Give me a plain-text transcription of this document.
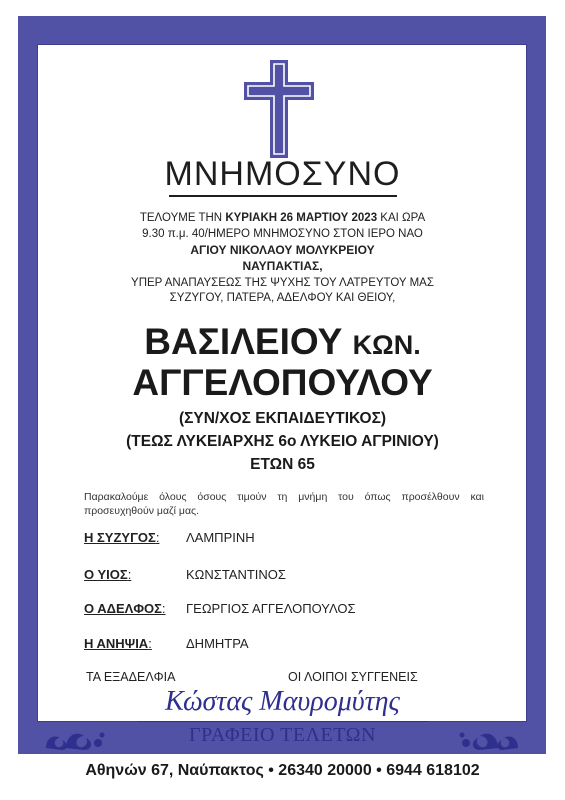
ΜΝΗΜΟΣΥΝΟ
ΤΕΛΟΥΜΕ ΤΗΝ ΚΥΡΙΑΚΗ 26 ΜΑΡΤΙΟΥ 2023 ΚΑΙ ΩΡΑ
9.30 π.μ. 40/ΗΜΕΡΟ ΜΝΗΜΟΣΥΝΟ ΣΤΟΝ ΙΕΡΟ ΝΑΟ
ΑΓΙΟΥ ΝΙΚΟΛΑΟΥ ΜΟΛΥΚΡΕΙΟΥ
ΝΑΥΠΑΚΤΙΑΣ,
ΥΠΕΡ ΑΝΑΠΑΥΣΕΩΣ ΤΗΣ ΨΥΧΗΣ ΤΟΥ ΛΑΤΡΕΥΤΟΥ ΜΑΣ
ΣΥΖΥΓΟΥ, ΠΑΤΕΡΑ, ΑΔΕΛΦΟΥ ΚΑΙ ΘΕΙΟΥ,
ΒΑΣΙΛΕΙΟΥ ΚΩΝ.
ΑΓΓΕΛΟΠΟΥΛΟΥ
(ΣΥΝ/ΧΟΣ ΕΚΠΑΙΔΕΥΤΙΚΟΣ)
(ΤΕΩΣ ΛΥΚΕΙΑΡΧΗΣ 6ο ΛΥΚΕΙΟ ΑΓΡΙΝΙΟΥ)
ΕΤΩΝ 65
Παρακαλούμε όλους όσους τιμούν τη μνήμη του όπως προσέλθουν και προσευχηθούν μαζί μας.
Η ΣΥΖΥΓΟΣ: ΛΑΜΠΡΙΝΗ
Ο ΥΙΟΣ:	ΚΩΝΣΤΑΝΤΙΝΟΣ
Ο ΑΔΕΛΦΟΣ: ΓΕΩΡΓΙΟΣ ΑΓΓΕΛΟΠΟΥΛΟΣ
Η ΑΝΗΨΙΑ:	ΔΗΜΗΤΡΑ
ΤΑ ΕΞΑΔΕΛΦΙΑ	ΟΙ ΛΟΙΠΟΙ ΣΥΓΓΕΝΕΙΣ
Κώστας Μαυρομύτης
ΓΡΑΦΕΙΟ ΤΕΛΕΤΩΝ
Αθηνών 67, Ναύπακτος • 26340 20000 • 6944 618102
